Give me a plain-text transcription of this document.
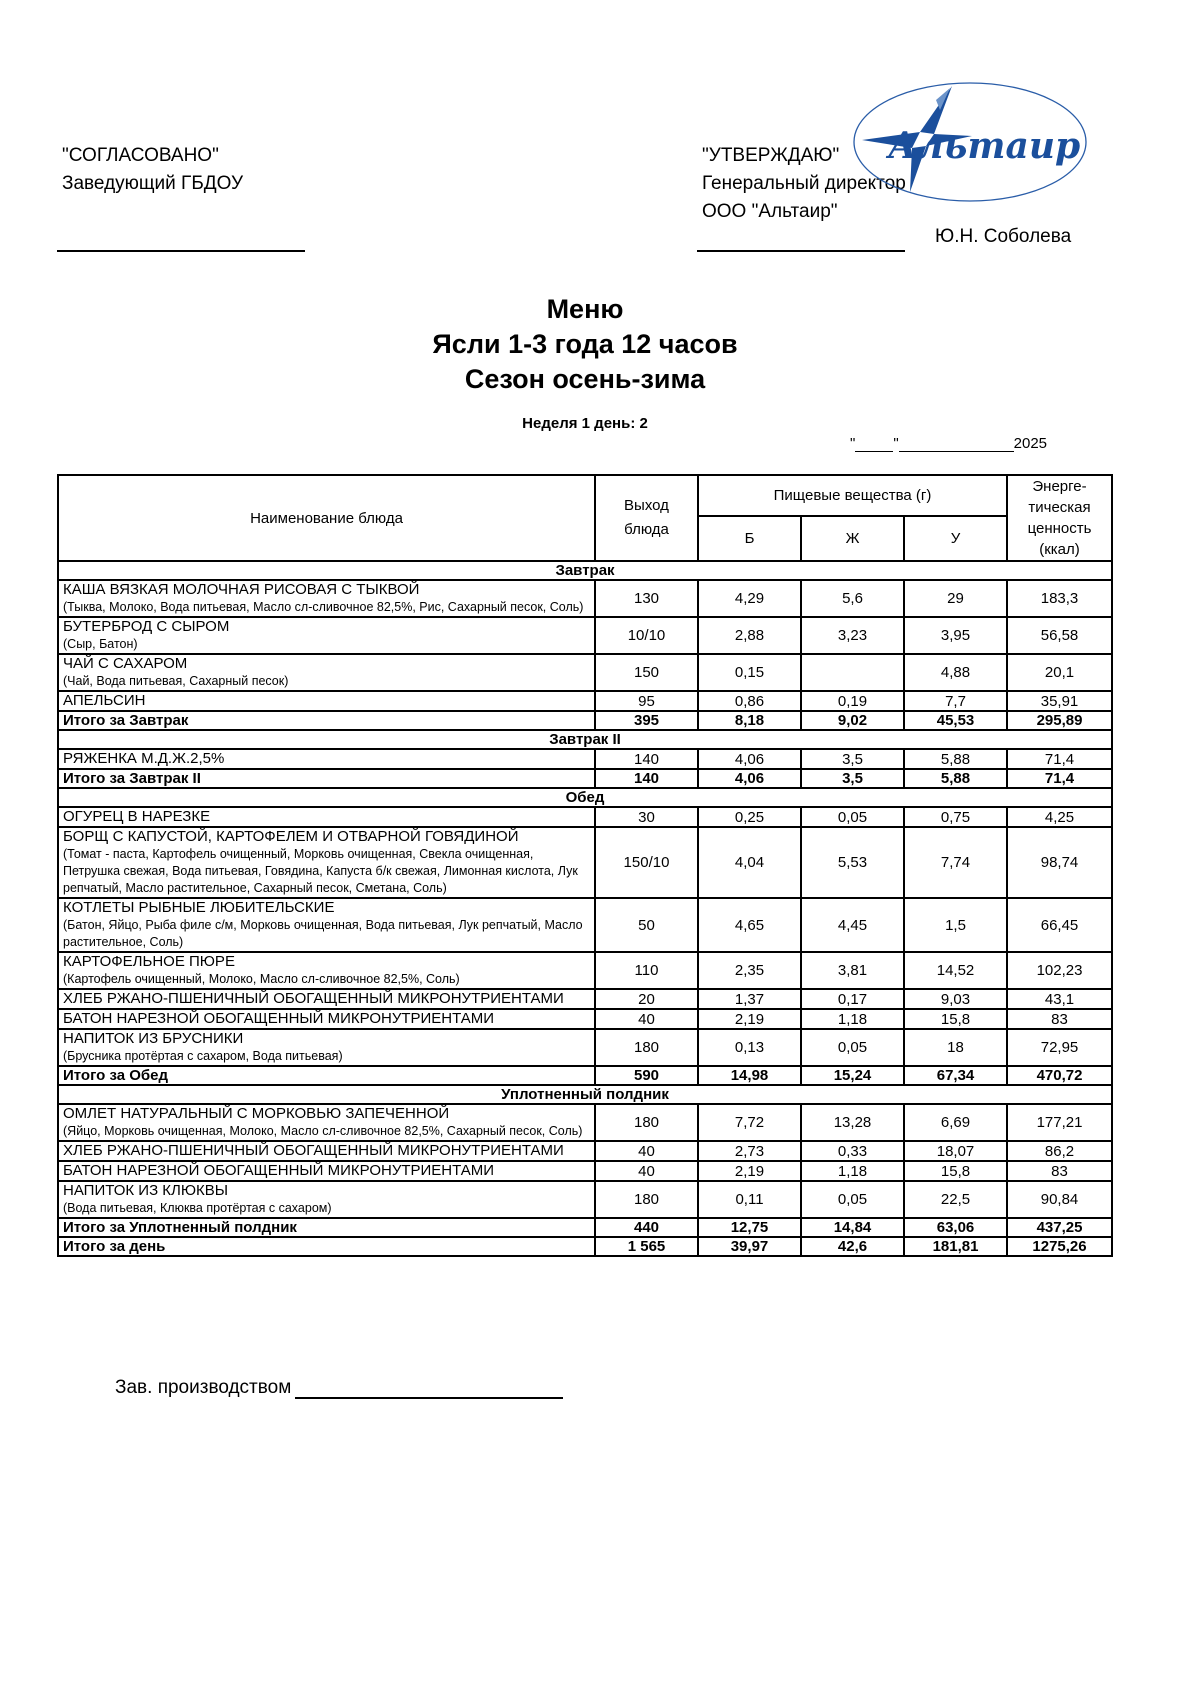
"СОГЛАСОВАНО"
Заведующий ГБДОУ
"УТВЕРЖДАЮ"
Генеральный директор
ООО "Альтаир"
Ю.Н. Соболева
Альтаир
Меню
Ясли 1-3 года 12 часов
Сезон осень-зима
Неделя 1 день: 2
"	"	2025
Наименование блюда	Выход блюда	Пищевые вещества (г)			Энерге-тическая ценность (ккал)
		Б	Ж	У	
Завтрак					

КАША ВЯЗКАЯ МОЛОЧНАЯ РИСОВАЯ С ТЫКВОЙ
(Тыква, Молоко, Вода питьевая, Масло сл-сливочное 82,5%, Рис, Сахарный песок, Соль)	130	4,29	5,6	29	183,3

БУТЕРБРОД С СЫРОМ
(Сыр, Батон)	10/10	2,88	3,23	3,95	56,58

ЧАЙ С САХАРОМ
(Чай, Вода питьевая, Сахарный песок)	150	0,15		4,88	20,1

АПЕЛЬСИН	95	0,86	0,19	7,7	35,91
Итого за Завтрак	395	8,18	9,02	45,53	295,89
Завтрак II					

РЯЖЕНКА М.Д.Ж.2,5%	140	4,06	3,5	5,88	71,4
Итого за Завтрак II	140	4,06	3,5	5,88	71,4
Обед					

ОГУРЕЦ В НАРЕЗКЕ	30	0,25	0,05	0,75	4,25

БОРЩ С КАПУСТОЙ, КАРТОФЕЛЕМ И ОТВАРНОЙ ГОВЯДИНОЙ
(Томат - паста, Картофель очищенный, Морковь очищенная, Свекла очищенная, Петрушка свежая, Вода питьевая, Говядина, Капуста б/к свежая, Лимонная кислота, Лук репчатый, Масло растительное, Сахарный песок, Сметана, Соль)	150/10	4,04	5,53	7,74	98,74

КОТЛЕТЫ РЫБНЫЕ ЛЮБИТЕЛЬСКИЕ
(Батон, Яйцо, Рыба филе с/м, Морковь очищенная, Вода питьевая, Лук репчатый, Масло растительное, Соль)	50	4,65	4,45	1,5	66,45

КАРТОФЕЛЬНОЕ ПЮРЕ
(Картофель очищенный, Молоко, Масло сл-сливочное 82,5%, Соль)	110	2,35	3,81	14,52	102,23

ХЛЕБ РЖАНО-ПШЕНИЧНЫЙ ОБОГАЩЕННЫЙ МИКРОНУТРИЕНТАМИ	20	1,37	0,17	9,03	43,1

БАТОН НАРЕЗНОЙ ОБОГАЩЕННЫЙ МИКРОНУТРИЕНТАМИ	40	2,19	1,18	15,8	83

НАПИТОК ИЗ БРУСНИКИ
(Брусника протёртая с сахаром, Вода питьевая)	180	0,13	0,05	18	72,95
Итого за Обед	590	14,98	15,24	67,34	470,72
Уплотненный полдник					

ОМЛЕТ НАТУРАЛЬНЫЙ С МОРКОВЬЮ ЗАПЕЧЕННОЙ
(Яйцо, Морковь очищенная, Молоко, Масло сл-сливочное 82,5%, Сахарный песок, Соль)	180	7,72	13,28	6,69	177,21

ХЛЕБ РЖАНО-ПШЕНИЧНЫЙ ОБОГАЩЕННЫЙ МИКРОНУТРИЕНТАМИ	40	2,73	0,33	18,07	86,2

БАТОН НАРЕЗНОЙ ОБОГАЩЕННЫЙ МИКРОНУТРИЕНТАМИ	40	2,19	1,18	15,8	83

НАПИТОК ИЗ КЛЮКВЫ
(Вода питьевая, Клюква протёртая с сахаром)	180	0,11	0,05	22,5	90,84
Итого за Уплотненный полдник	440	12,75	14,84	63,06	437,25
Итого за день	1 565	39,97	42,6	181,81	1275,26
Зав. производством
